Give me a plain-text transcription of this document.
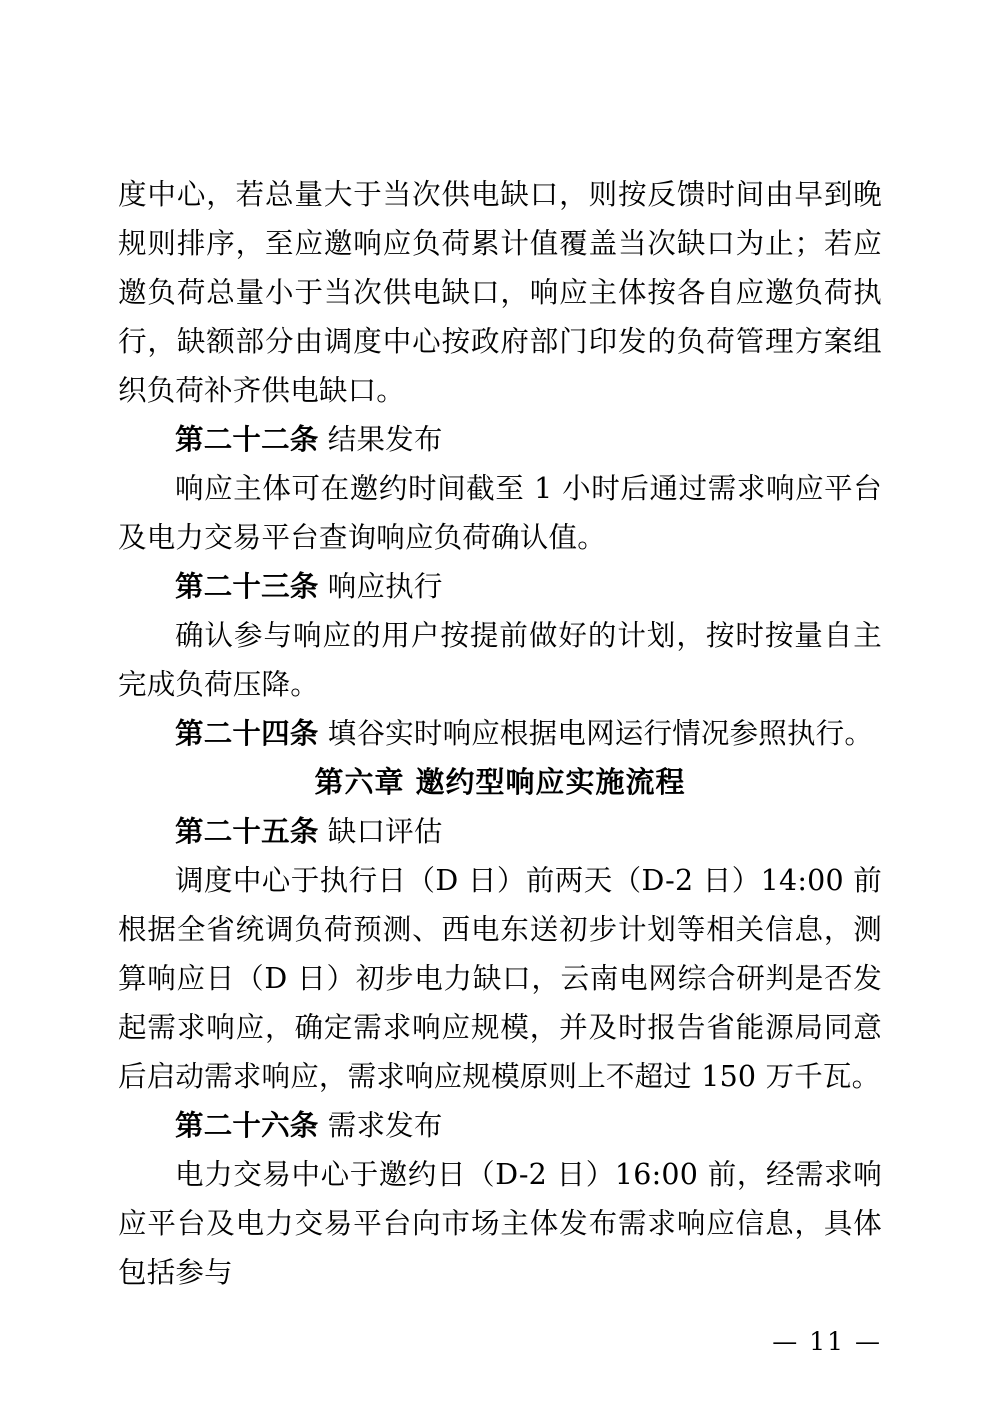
度中心，若总量大于当次供电缺口，则按反馈时间由早到晚规则排序，至应邀响应负荷累计值覆盖当次缺口为止；若应邀负荷总量小于当次供电缺口，响应主体按各自应邀负荷执行，缺额部分由调度中心按政府部门印发的负荷管理方案组织负荷补齐供电缺口。

第二十二条 结果发布

响应主体可在邀约时间截至 1 小时后通过需求响应平台及电力交易平台查询响应负荷确认值。

第二十三条 响应执行

确认参与响应的用户按提前做好的计划，按时按量自主完成负荷压降。

第二十四条 填谷实时响应根据电网运行情况参照执行。

第六章 邀约型响应实施流程

第二十五条 缺口评估

调度中心于执行日（D 日）前两天（D-2 日）14:00 前根据全省统调负荷预测、西电东送初步计划等相关信息，测算响应日（D 日）初步电力缺口，云南电网综合研判是否发起需求响应，确定需求响应规模，并及时报告省能源局同意后启动需求响应，需求响应规模原则上不超过 150 万千瓦。

第二十六条 需求发布

电力交易中心于邀约日（D-2 日）16:00 前，经需求响应平台及电力交易平台向市场主体发布需求响应信息，具体包括参与

— 11 —
